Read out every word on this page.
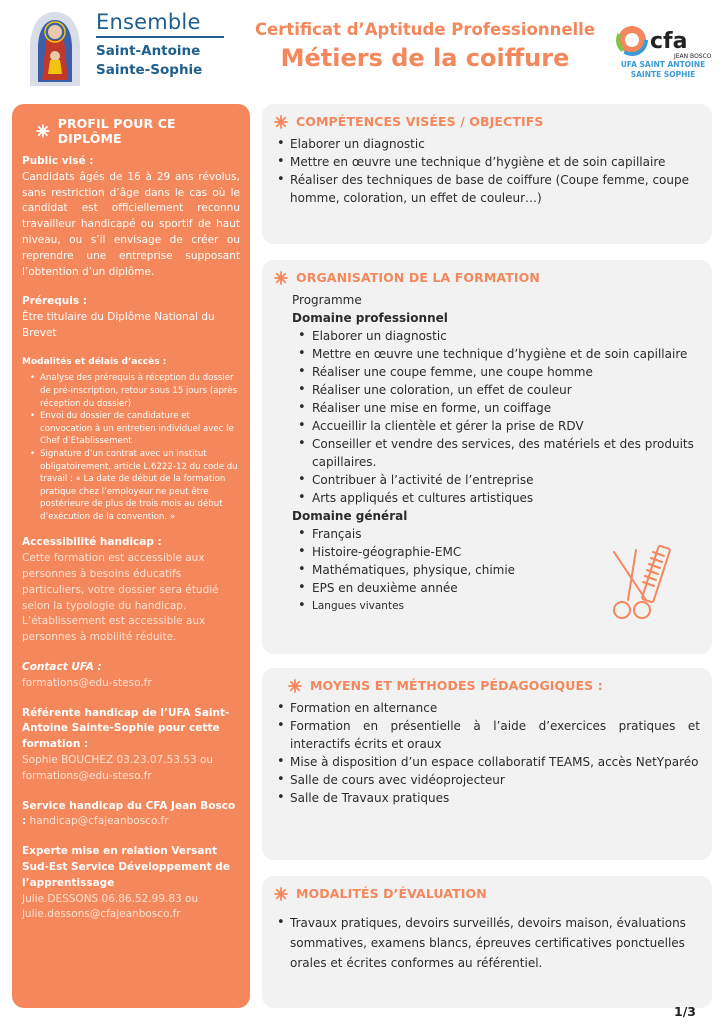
Ensemble
Saint-Antoine
Sainte-Sophie
Certificat d’Aptitude Professionnelle
Métiers de la coiffure
cfa
JEAN BOSCO
UFA SAINT ANTOINE
SAINTE SOPHIE
PROFIL POUR CE DIPLÔME
Public visé :
Candidats âgés de 16 à 29 ans révolus, sans restriction d’âge dans le cas où le candidat est officiellement reconnu travailleur handicapé ou sportif de haut niveau, ou s’il envisage de créer ou reprendre une entreprise supposant l’obtention d’un diplôme.
Prérequis :
Être titulaire du Diplôme National du Brevet
Modalités et délais d’accès :
• Analyse des prérequis à réception du dossier de pré-inscription, retour sous 15 jours (après réception du dossier)
• Envoi du dossier de candidature et convocation à un entretien individuel avec le Chef d’Etablissement
• Signature d’un contrat avec un institut obligatoirement, article L.6222-12 du code du travail : « La date de début de la formation pratique chez l’employeur ne peut être postérieure de plus de trois mois au début d’exécution de la convention. »
Accessibilité handicap :
Cette formation est accessible aux personnes à besoins éducatifs particuliers, votre dossier sera étudié selon la typologie du handicap. L’établissement est accessible aux personnes à mobilité réduite.
Contact UFA :
formations@edu-steso.fr
Référente handicap de l’UFA Saint-Antoine Sainte-Sophie pour cette formation :
Sophie BOUCHEZ 03.23.07.53.53 ou formations@edu-steso.fr
Service handicap du CFA Jean Bosco : handicap@cfajeanbosco.fr
Experte mise en relation Versant Sud-Est Service Développement de l’apprentissage
Julie DESSONS 06.86.52.99.83 ou julie.dessons@cfajeanbosco.fr
COMPÉTENCES VISÉES / OBJECTIFS
• Elaborer un diagnostic
• Mettre en œuvre une technique d’hygiène et de soin capillaire
• Réaliser des techniques de base de coiffure (Coupe femme, coupe homme, coloration, un effet de couleur…)
ORGANISATION DE LA FORMATION
Programme
Domaine professionnel
• Elaborer un diagnostic
• Mettre en œuvre une technique d’hygiène et de soin capillaire
• Réaliser une coupe femme, une coupe homme
• Réaliser une coloration, un effet de couleur
• Réaliser une mise en forme, un coiffage
• Accueillir la clientèle et gérer la prise de RDV
• Conseiller et vendre des services, des matériels et des produits capillaires.
• Contribuer à l’activité de l’entreprise
• Arts appliqués et cultures artistiques
Domaine général
• Français
• Histoire-géographie-EMC
• Mathématiques, physique, chimie
• EPS en deuxième année
• Langues vivantes
MOYENS ET MÉTHODES PÉDAGOGIQUES :
• Formation en alternance
• Formation en présentielle à l’aide d’exercices pratiques et interactifs écrits et oraux
• Mise à disposition d’un espace collaboratif TEAMS, accès NetYparéo
• Salle de cours avec vidéoprojecteur
• Salle de Travaux pratiques
MODALITÉS D’ÉVALUATION
• Travaux pratiques, devoirs surveillés, devoirs maison, évaluations sommatives, examens blancs, épreuves certificatives ponctuelles orales et écrites conformes au référentiel.
1/3
